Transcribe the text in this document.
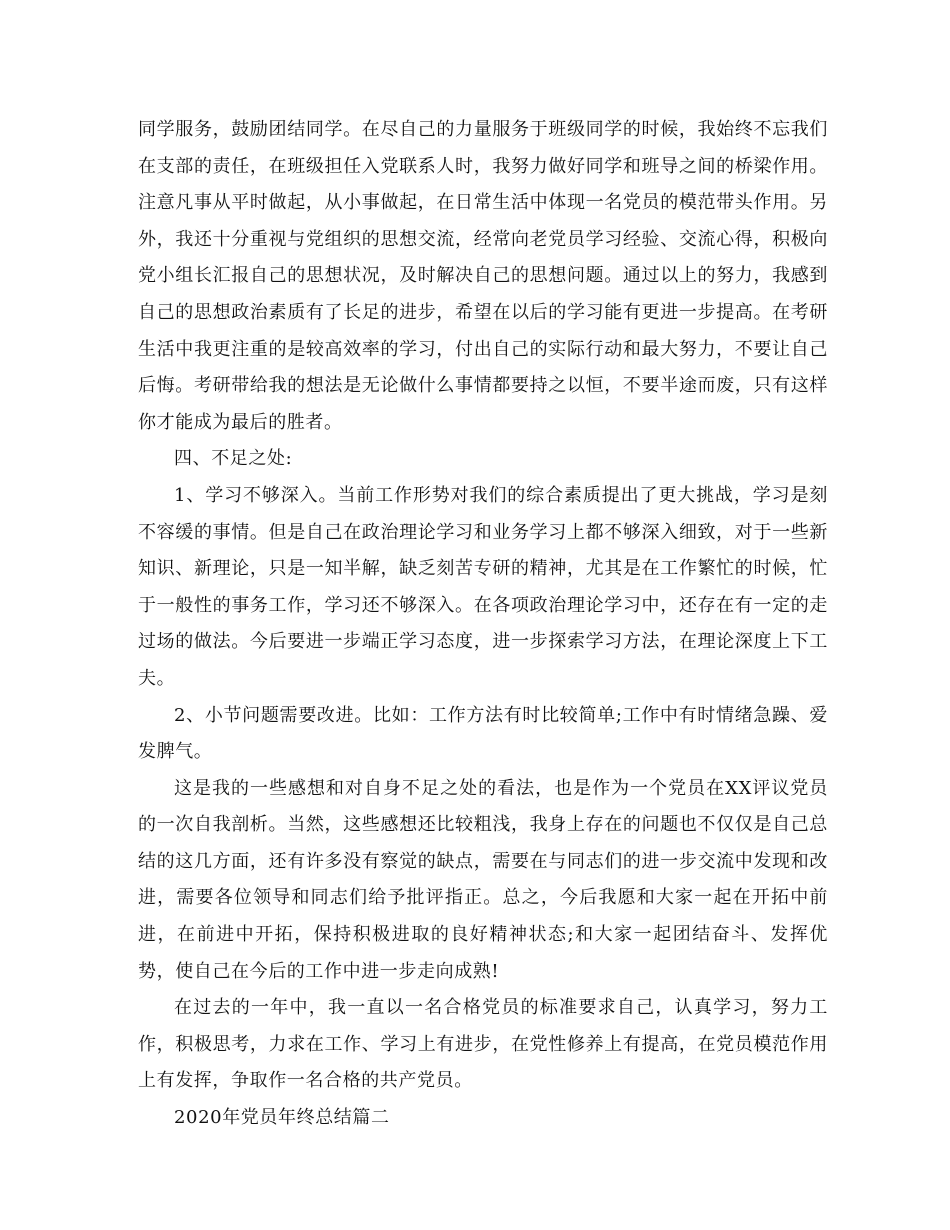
同学服务，鼓励团结同学。在尽自己的力量服务于班级同学的时候，我始终不忘我们在支部的责任，在班级担任入党联系人时，我努力做好同学和班导之间的桥梁作用。注意凡事从平时做起，从小事做起，在日常生活中体现一名党员的模范带头作用。另外，我还十分重视与党组织的思想交流，经常向老党员学习经验、交流心得，积极向党小组长汇报自己的思想状况，及时解决自己的思想问题。通过以上的努力，我感到自己的思想政治素质有了长足的进步，希望在以后的学习能有更进一步提高。在考研生活中我更注重的是较高效率的学习，付出自己的实际行动和最大努力，不要让自己后悔。考研带给我的想法是无论做什么事情都要持之以恒，不要半途而废，只有这样你才能成为最后的胜者。

四、不足之处:

1、学习不够深入。当前工作形势对我们的综合素质提出了更大挑战，学习是刻不容缓的事情。但是自己在政治理论学习和业务学习上都不够深入细致，对于一些新知识、新理论，只是一知半解，缺乏刻苦专研的精神，尤其是在工作繁忙的时候，忙于一般性的事务工作，学习还不够深入。在各项政治理论学习中，还存在有一定的走过场的做法。今后要进一步端正学习态度，进一步探索学习方法，在理论深度上下工夫。

2、小节问题需要改进。比如：工作方法有时比较简单;工作中有时情绪急躁、爱发脾气。

这是我的一些感想和对自身不足之处的看法，也是作为一个党员在XX评议党员的一次自我剖析。当然，这些感想还比较粗浅，我身上存在的问题也不仅仅是自己总结的这几方面，还有许多没有察觉的缺点，需要在与同志们的进一步交流中发现和改进，需要各位领导和同志们给予批评指正。总之，今后我愿和大家一起在开拓中前进，在前进中开拓，保持积极进取的良好精神状态;和大家一起团结奋斗、发挥优势，使自己在今后的工作中进一步走向成熟!

在过去的一年中，我一直以一名合格党员的标准要求自己，认真学习，努力工作，积极思考，力求在工作、学习上有进步，在党性修养上有提高，在党员模范作用上有发挥，争取作一名合格的共产党员。

2020年党员年终总结篇二
